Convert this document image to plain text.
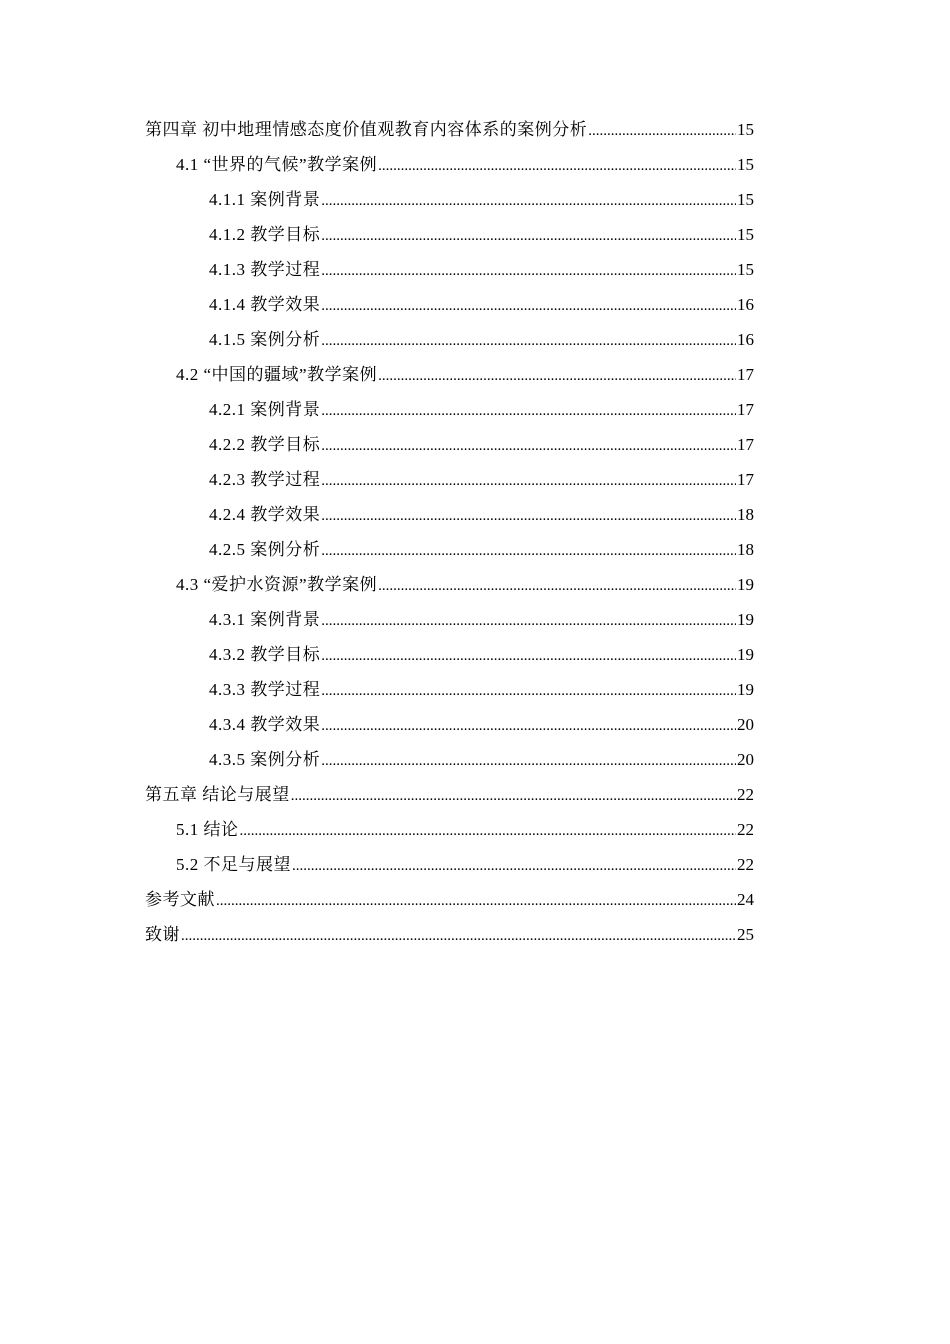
第四章 初中地理情感态度价值观教育内容体系的案例分析 .....	15
4.1 “世界的气候”教学案例 .....	15
4.1.1 案例背景 .....	15
4.1.2 教学目标 .....	15
4.1.3 教学过程 .....	15
4.1.4 教学效果 .....	16
4.1.5 案例分析 .....	16
4.2 “中国的疆域”教学案例 .....	17
4.2.1 案例背景 .....	17
4.2.2 教学目标 .....	17
4.2.3 教学过程 .....	17
4.2.4 教学效果 .....	18
4.2.5 案例分析 .....	18
4.3 “爱护水资源”教学案例 .....	19
4.3.1 案例背景 .....	19
4.3.2 教学目标 .....	19
4.3.3 教学过程 .....	19
4.3.4 教学效果 .....	20
4.3.5 案例分析 .....	20
第五章 结论与展望 .....	22
5.1 结论 .....	22
5.2 不足与展望 .....	22
参考文献 .....	24
致谢 .....	25
